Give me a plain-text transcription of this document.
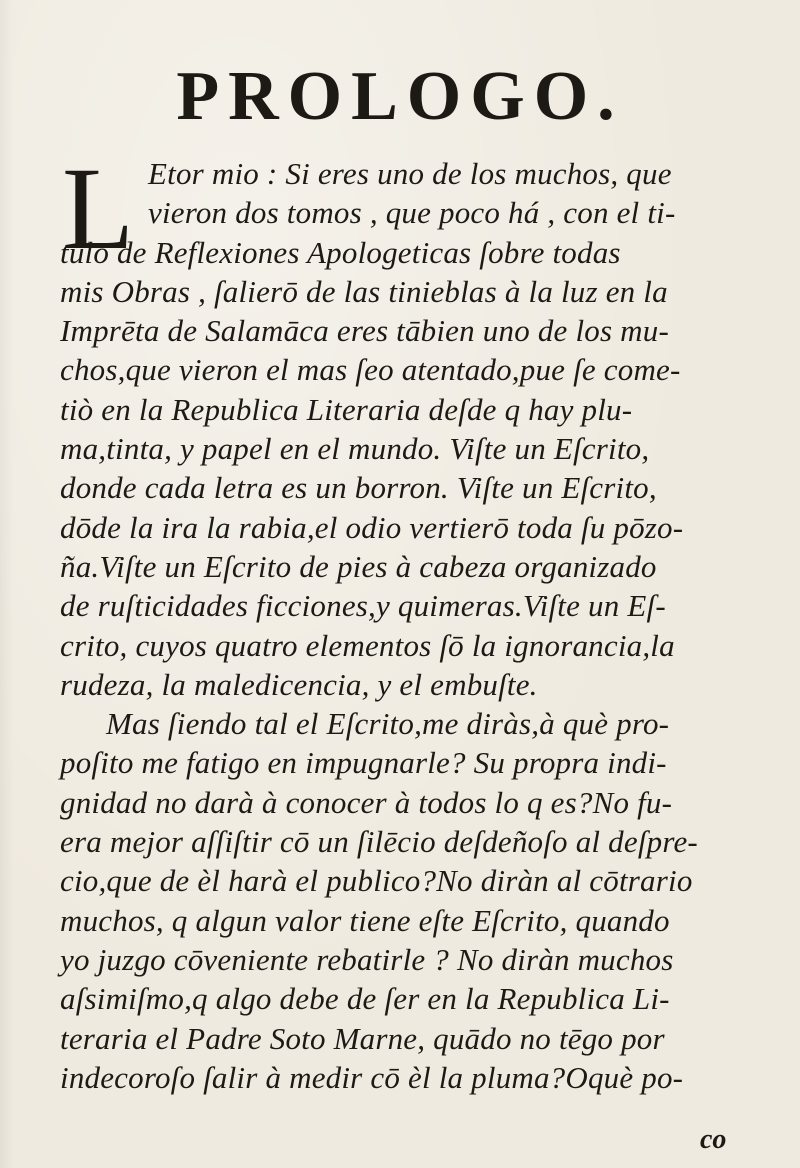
PROLOGO.
L Etor mio : Si eres uno de los muchos, que
vieron dos tomos , que poco há , con el ti-
tulo de Reflexiones Apologeticas ſobre todas
mis Obras , ſalierō de las tinieblas à la luz en la
Imprēta de Salamāca eres tābien uno de los mu-
chos,que vieron el mas ſeo atentado,pue ſe come-
tiò en la Republica Literaria deſde q hay plu-
ma,tinta, y papel en el mundo. Viſte un Eſcrito,
donde cada letra es un borron. Viſte un Eſcrito,
dōde la ira la rabia,el odio vertierō toda ſu pōzo-
ña.Viſte un Eſcrito de pies à cabeza organizado
de ruſticidades ficciones,y quimeras.Viſte un Eſ-
crito, cuyos quatro elementos ſō la ignorancia,la
rudeza, la maledicencia, y el embuſte.
Mas ſiendo tal el Eſcrito,me diràs,à què pro-
poſito me fatigo en impugnarle? Su propra indi-
gnidad no darà à conocer à todos lo q es?No fu-
era mejor aſſiſtir cō un ſilēcio deſdeñoſo al deſpre-
cio,que de èl harà el publico?No diràn al cōtrario
muchos, q algun valor tiene eſte Eſcrito, quando
yo juzgo cōveniente rebatirle ? No diràn muchos
aſsimiſmo,q algo debe de ſer en la Republica Li-
teraria el Padre Soto Marne, quādo no tēgo por
indecoroſo ſalir à medir cō èl la pluma?Oquè po-
co
